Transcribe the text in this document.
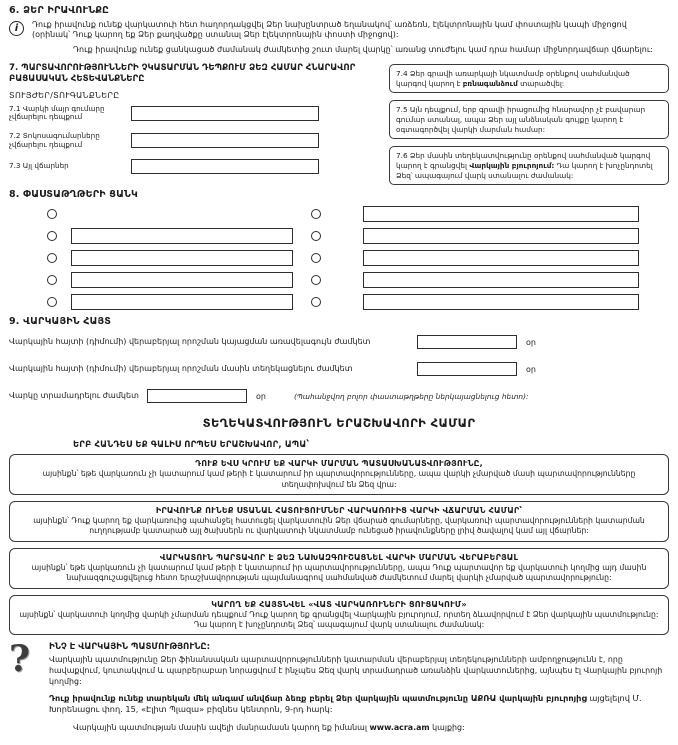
6. ՁԵՐ ԻՐԱՎՈՒՆՔԸ
i Դուք իրավունք ունեք վարկատուի հետ հաղորդակցվել Ձեր նախընտրած եղանակով՝ առձեռն, էլեկտրոնային կամ փոստային կապի միջոցով (օրինակ՝ Դուք կարող եք Ձեր քաղվածքը ստանալ Ձեր էլեկտրոնային փոստի միջոցով):

Դուք իրավունք ունեք ցանկացած ժամանակ ժամկետից շուտ մարել վարկը՝ առանց տուժելու կամ դրա համար միջնորդավճար վճարելու:

7. ՊԱՐՏԱՎՈՐՈՒԹՅՈՒՆՆԵՐԻ ՉԿԱՏԱՐՄԱՆ ԴԵՊՔՈՒՄ ՁԵԶ ՀԱՄԱՐ ՀՆԱՐԱՎՈՐ ԲԱՑԱՍԱԿԱՆ ՀԵՏԵՎԱՆՔՆԵՐԸ
ՏՈՒՅԺԵՐ/ՏՈՒԳԱՆՔՆԵՐԸ
7.1 Վարկի մայր գումարը չվճարելու դեպքում
7.2 Տոկոսագումարները չվճարելու դեպքում
7.3 Այլ վճարներ
7.4 Ձեր գրավի առարկայի նկատմամբ օրենքով սահմանված կարգով կարող է բռնագանձում տարածվել:
7.5 Այն դեպքում, երբ գրավի իրացումից հնարավոր չէ բավարար գումար ստանալ, ապա Ձեր այլ անձնական գույքը կարող է օգտագործվել վարկի մարման համար:
7.6 Ձեր մասին տեղեկատվությունը օրենքով սահմանված կարգով կարող է գրանցվել Վարկային բյուրոյում: Դա կարող է խոչընդոտել Ձեզ՝ ապագայում վարկ ստանալու ժամանակ:
8. ՓԱՍՏԱԹՂԹԵՐԻ ՑԱՆԿ
9. ՎԱՐԿԱՅԻՆ ՀԱՅՏ
Վարկային հայտի (դիմումի) վերաբերյալ որոշման կայացման առավելագույն ժամկետ	օր
Վարկային հայտի (դիմումի) վերաբերյալ որոշման մասին տեղեկացնելու ժամկետ	օր
Վարկը տրամադրելու ժամկետ	օր	(Պահանջվող բոլոր փաստաթղթերը ներկայացնելուց հետո):
ՏԵՂԵԿԱՏՎՈՒԹՅՈՒՆ ԵՐԱՇԽԱՎՈՐԻ ՀԱՄԱՐ
ԵՐԲ ՀԱՆԴԵՍ ԵՔ ԳԱԼԻՍ ՈՐՊԵՍ ԵՐԱՇԽԱՎՈՐ, ԱՊԱ՝
ԴՈՒՔ ԵՎՍ ԿՐՈՒՄ ԵՔ ՎԱՐԿԻ ՄԱՐՄԱՆ ՊԱՏԱՍԽԱՆԱՏՎՈՒԹՅՈՒՆԸ,
այսինքն՝ եթե վարկառուն չի կատարում կամ թերի է կատարում իր պարտավորությունները, ապա վարկի չմարված մասի պարտավորությունները տեղափոխվում են Ձեզ վրա:
ԻՐԱՎՈՒՆՔ ՈՒՆԵՔ ՍՏԱՆԱԼ ՀԱՏՈՒՑՈՒՄՆԵՐ ՎԱՐԿԱՌՈՒԻՑ ՎԱՐԿԻ ՎՃԱՐՄԱՆ ՀԱՄԱՐ՝
այսինքն՝ Դուք կարող եք վարկառուից պահանջել հատուցել վարկատուին Ձեր վճարած գումարները, վարկառուի պարտավորությունների կատարման ուղղությամբ կատարած այլ ծախսերն ու վարկատուի նկատմամբ ունեցած իրավունքները լրիվ ծավալով կամ այլ վճարներ:
ՎԱՐԿԱՏՈՒՆ ՊԱՐՏԱՎՈՐ Է ՁԵԶ ՆԱԽԱԶԳՈՒՇԱՑՆԵԼ ՎԱՐԿԻ ՄԱՐՄԱՆ ՎԵՐԱԲԵՐՅԱԼ
այսինքն՝ եթե վարկառուն չի կատարում կամ թերի է կատարում իր պարտավորությունները, ապա Դուք պարտավոր եք վարկատուի կողմից այդ մասին նախազգուշացվելուց հետո երաշխավորության պայմանագրով սահմանված ժամկետում մարել վարկի չմարված պարտավորությունը:
ԿԱՐՈՂ ԵՔ ՀԱՅՏՆՎԵԼ «ՎԱՏ ՎԱՐԿԱՌՈՒՆԵՐԻ ՑՈՒՑԱԿՈՒՄ»
այսինքն՝ վարկատուի կողմից վարկի չմարման դեպքում Դուք կարող եք գրանցվել Վարկային բյուրոյում, որտեղ ձևավորվում է Ձեր վարկային պատմությունը: Դա կարող է խոչընդոտել Ձեզ՝ ապագայում վարկ ստանալու ժամանակ:
?	ԻՆՉ Է ՎԱՐԿԱՅԻՆ ՊԱՏՄՈՒԹՅՈՒՆԸ:

Վարկային պատմությունը Ձեր ֆինանսական պարտավորությունների կատարման վերաբերյալ տեղեկությունների ամբողջությունն է, որը հավաքվում, կուտակվում և պարբերաբար նորացվում է ինչպես Ձեզ վարկ տրամադրած առանձին վարկատուներից, այնպես էլ Վարկային բյուրոյի կողմից:

Դուք իրավունք ունեք տարեկան մեկ անգամ անվճար ձեռք բերել Ձեր վարկային պատմությունը ԱՔՌԱ վարկային բյուրոյից այցելելով Մ. Խորենացու փող. 15, «Էլիտ Պլազա» բիզնես կենտրոն, 9-րդ հարկ:

Վարկային պատմության մասին ավելի մանրամասն կարող եք իմանալ www.acra.am կայքից:
